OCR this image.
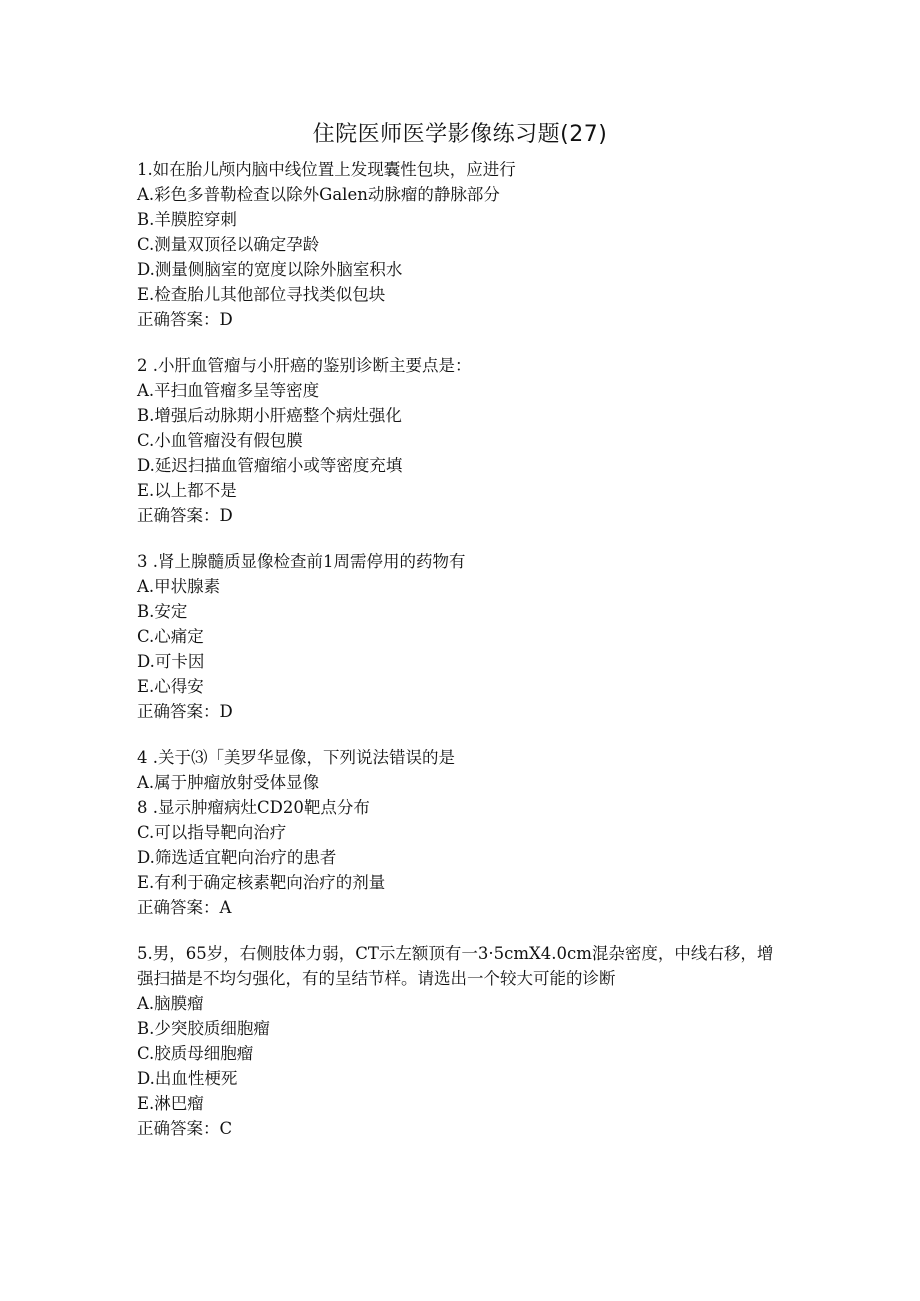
住院医师医学影像练习题(27)
1.如在胎儿颅内脑中线位置上发现囊性包块，应进行
A.彩色多普勒检查以除外Galen动脉瘤的静脉部分
B.羊膜腔穿刺
C.测量双顶径以确定孕龄
D.测量侧脑室的宽度以除外脑室积水
E.检查胎儿其他部位寻找类似包块
正确答案：D
2 .小肝血管瘤与小肝癌的鉴别诊断主要点是：
A.平扫血管瘤多呈等密度
B.增强后动脉期小肝癌整个病灶强化
C.小血管瘤没有假包膜
D.延迟扫描血管瘤缩小或等密度充填
E.以上都不是
正确答案：D
3 .肾上腺髓质显像检查前1周需停用的药物有
A.甲状腺素
B.安定
C.心痛定
D.可卡因
E.心得安
正确答案：D
4 .关于⑶「美罗华显像，下列说法错误的是
A.属于肿瘤放射受体显像
8 .显示肿瘤病灶CD20靶点分布
C.可以指导靶向治疗
D.筛选适宜靶向治疗的患者
E.有利于确定核素靶向治疗的剂量
正确答案：A
5.男，65岁，右侧肢体力弱，CT示左额顶有一3·5cmX4.0cm混杂密度，中线右移，增强扫描是不均匀强化，有的呈结节样。请选出一个较大可能的诊断
A.脑膜瘤
B.少突胶质细胞瘤
C.胶质母细胞瘤
D.出血性梗死
E.淋巴瘤
正确答案：C
